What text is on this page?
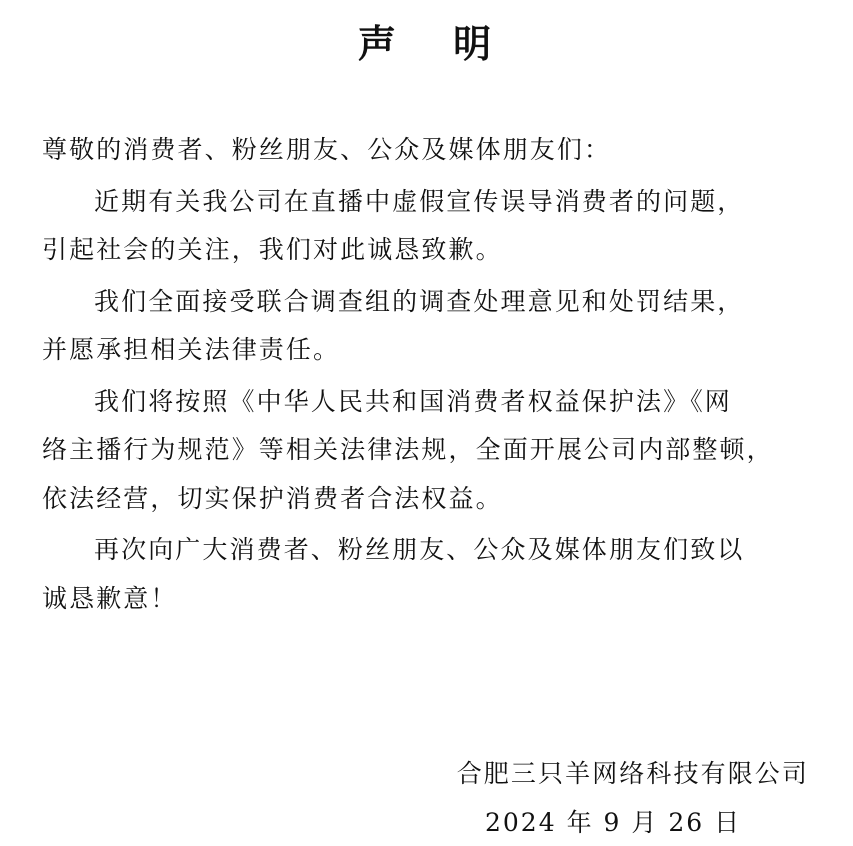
声 明
尊敬的消费者、粉丝朋友、公众及媒体朋友们：
近期有关我公司在直播中虚假宣传误导消费者的问题，
引起社会的关注，我们对此诚恳致歉。
我们全面接受联合调查组的调查处理意见和处罚结果，
并愿承担相关法律责任。
我们将按照《中华人民共和国消费者权益保护法》《网
络主播行为规范》等相关法律法规，全面开展公司内部整顿，
依法经营，切实保护消费者合法权益。
再次向广大消费者、粉丝朋友、公众及媒体朋友们致以
诚恳歉意！
合肥三只羊网络科技有限公司
2024 年 9 月 26 日
